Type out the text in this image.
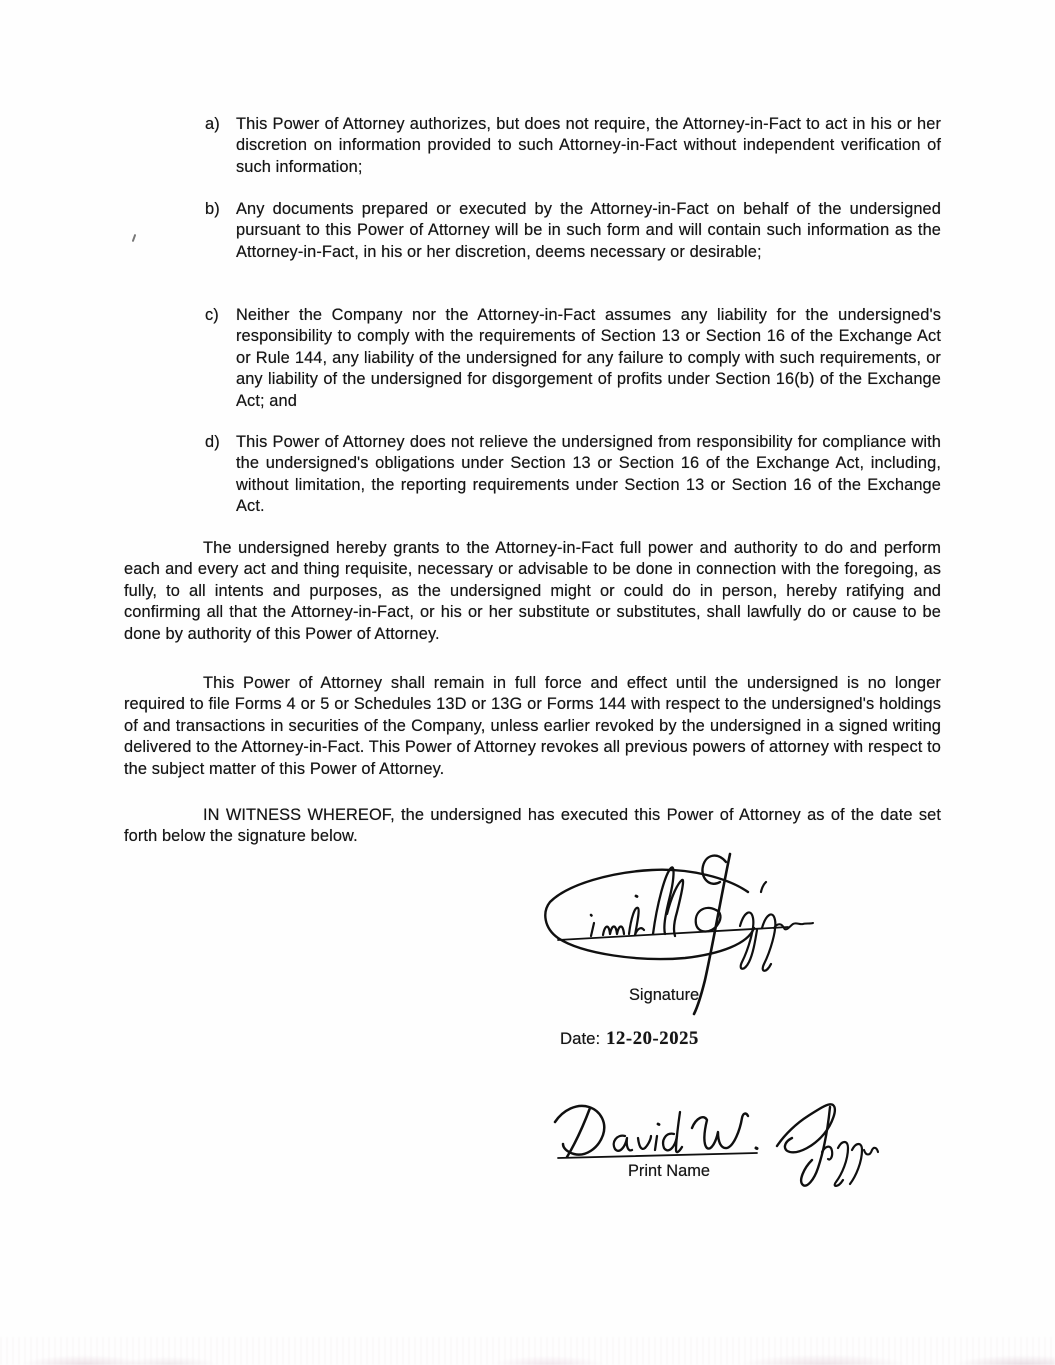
a) This Power of Attorney authorizes, but does not require, the Attorney-in-Fact to act in his or her discretion on information provided to such Attorney-in-Fact without independent verification of such information;
b) Any documents prepared or executed by the Attorney-in-Fact on behalf of the undersigned pursuant to this Power of Attorney will be in such form and will contain such information as the Attorney-in-Fact, in his or her discretion, deems necessary or desirable;
c)	Neither the Company nor the Attorney-in-Fact assumes any liability for the undersigned's responsibility to comply with the requirements of Section 13 or Section 16 of the Exchange Act or Rule 144, any liability of the undersigned for any failure to comply with such requirements, or any liability of the undersigned for disgorgement of profits under Section 16(b) of the Exchange Act; and
d) This Power of Attorney does not relieve the undersigned from responsibility for compliance with the undersigned's obligations under Section 13 or Section 16 of the Exchange Act, including, without limitation, the reporting requirements under Section 13 or Section 16 of the Exchange Act.

The undersigned hereby grants to the Attorney-in-Fact full power and authority to do and perform each and every act and thing requisite, necessary or advisable to be done in connection with the foregoing, as fully, to all intents and purposes, as the undersigned might or could do in person, hereby ratifying and confirming all that the Attorney-in-Fact, or his or her substitute or substitutes, shall lawfully do or cause to be done by authority of this Power of Attorney.

This Power of Attorney shall remain in full force and effect until the undersigned is no longer required to file Forms 4 or 5 or Schedules 13D or 13G or Forms 144 with respect to the undersigned's holdings of and transactions in securities of the Company, unless earlier revoked by the undersigned in a signed writing delivered to the Attorney-in-Fact. This Power of Attorney revokes all previous powers of attorney with respect to the subject matter of this Power of Attorney.

IN WITNESS WHEREOF, the undersigned has executed this Power of Attorney as of the date set forth below the signature below.

Signature
Date: 12-20-2025
Print Name
